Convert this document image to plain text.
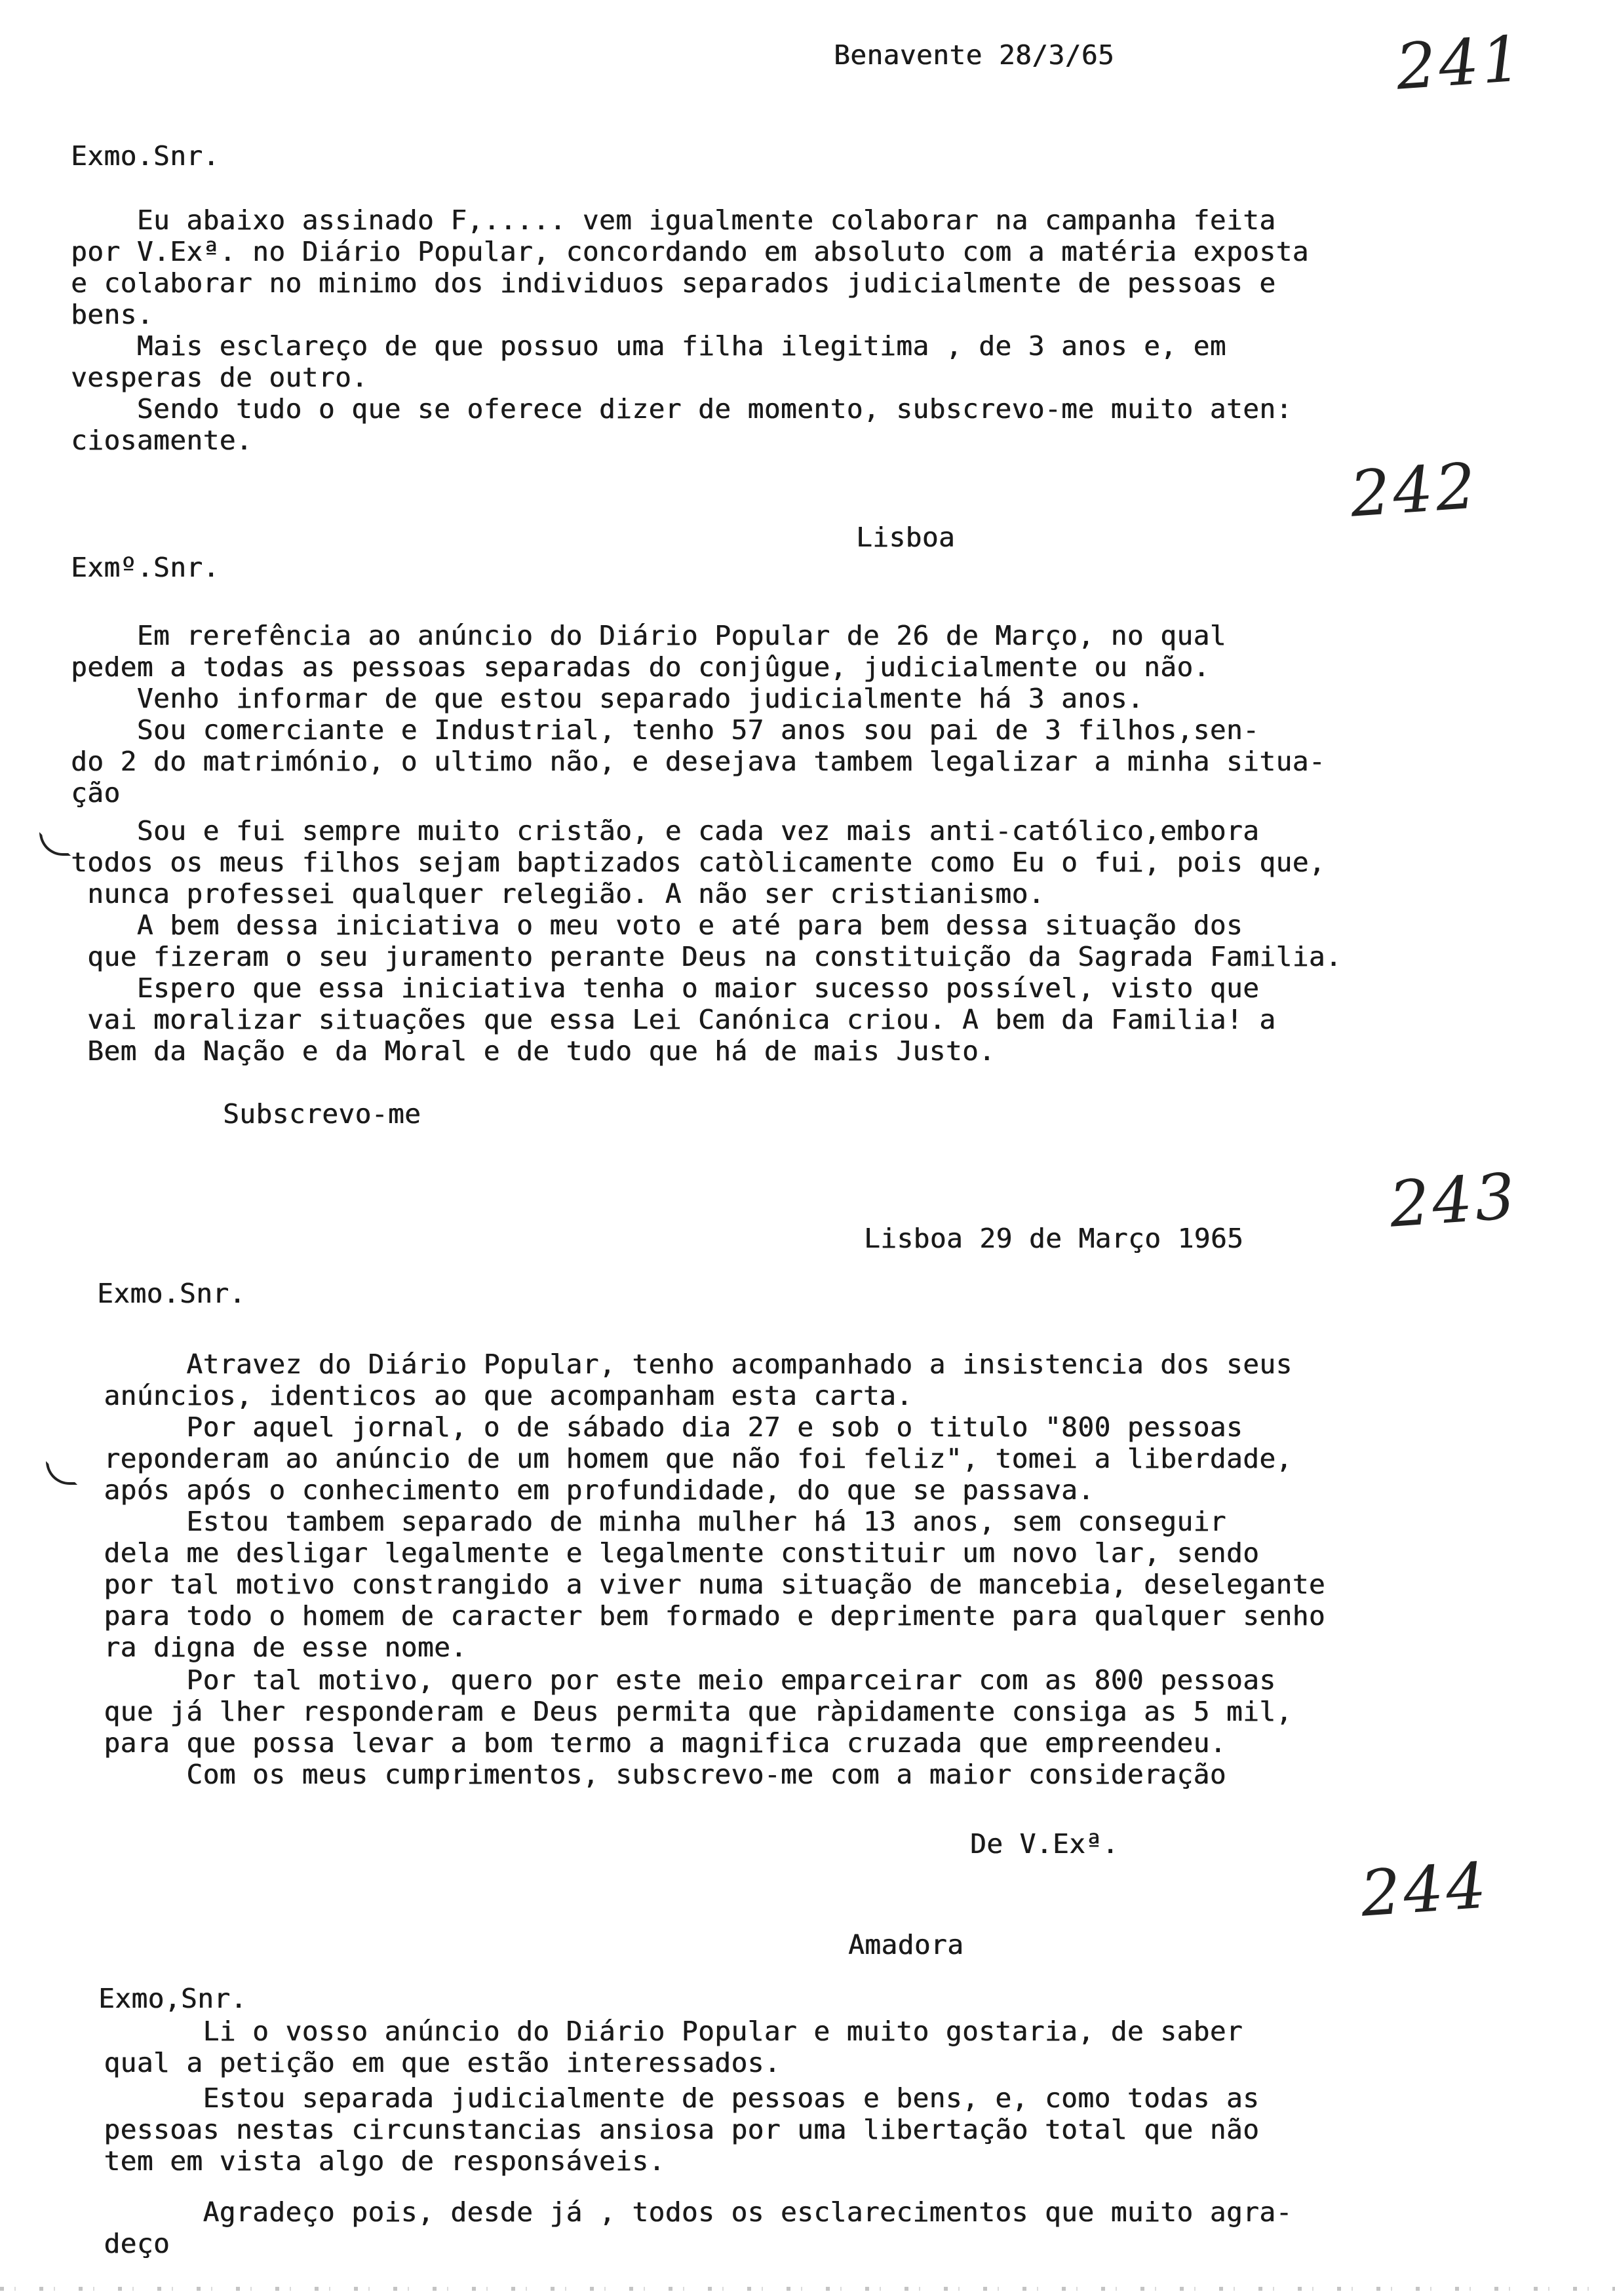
Benavente 28/3/65	241
Exmo.Snr.
Eu abaixo assinado F,..... vem igualmente colaborar na campanha feita
por V.Exª. no Diário Popular, concordando em absoluto com a matéria exposta
e colaborar no minimo dos individuos separados judicialmente de pessoas e
bens.
Mais esclareço de que possuo uma filha ilegitima , de 3 anos e, em
vesperas de outro.
Sendo tudo o que se oferece dizer de momento, subscrevo-me muito aten:
ciosamente.
242
Lisboa
Exmº.Snr.
Em rerefência ao anúncio do Diário Popular de 26 de Março, no qual
pedem a todas as pessoas separadas do conjûgue, judicialmente ou não.
Venho informar de que estou separado judicialmente há 3 anos.
Sou comerciante e Industrial, tenho 57 anos sou pai de 3 filhos,sen-
do 2 do matrimónio, o ultimo não, e desejava tambem legalizar a minha situa-
ção
Sou e fui sempre muito cristão, e cada vez mais anti-católico,embora
todos os meus filhos sejam baptizados catòlicamente como Eu o fui, pois que,
nunca professei qualquer relegião. A não ser cristianismo.
A bem dessa iniciativa o meu voto e até para bem dessa situação dos
que fizeram o seu juramento perante Deus na constituição da Sagrada Familia.
Espero que essa iniciativa tenha o maior sucesso possível, visto que
vai moralizar situações que essa Lei Canónica criou. A bem da Familia! a
Bem da Nação e da Moral e de tudo que há de mais Justo.
Subscrevo-me
243
Lisboa 29 de Março 1965
Exmo.Snr.
Atravez do Diário Popular, tenho acompanhado a insistencia dos seus
anúncios, identicos ao que acompanham esta carta.
Por aquel jornal, o de sábado dia 27 e sob o titulo "800 pessoas
reponderam ao anúncio de um homem que não foi feliz", tomei a liberdade,
após após o conhecimento em profundidade, do que se passava.
Estou tambem separado de minha mulher há 13 anos, sem conseguir
dela me desligar legalmente e legalmente constituir um novo lar, sendo
por tal motivo constrangido a viver numa situação de mancebia, deselegante
para todo o homem de caracter bem formado e deprimente para qualquer senho
ra digna de esse nome.
Por tal motivo, quero por este meio emparceirar com as 800 pessoas
que já lher responderam e Deus permita que ràpidamente consiga as 5 mil,
para que possa levar a bom termo a magnifica cruzada que empreendeu.
Com os meus cumprimentos, subscrevo-me com a maior consideração
De V.Exª.
244
Amadora
Exmo,Snr.
Li o vosso anúncio do Diário Popular e muito gostaria, de saber
qual a petição em que estão interessados.
Estou separada judicialmente de pessoas e bens, e, como todas as
pessoas nestas circunstancias ansiosa por uma libertação total que não
tem em vista algo de responsáveis.
Agradeço pois, desde já , todos os esclarecimentos que muito agra-
deço
